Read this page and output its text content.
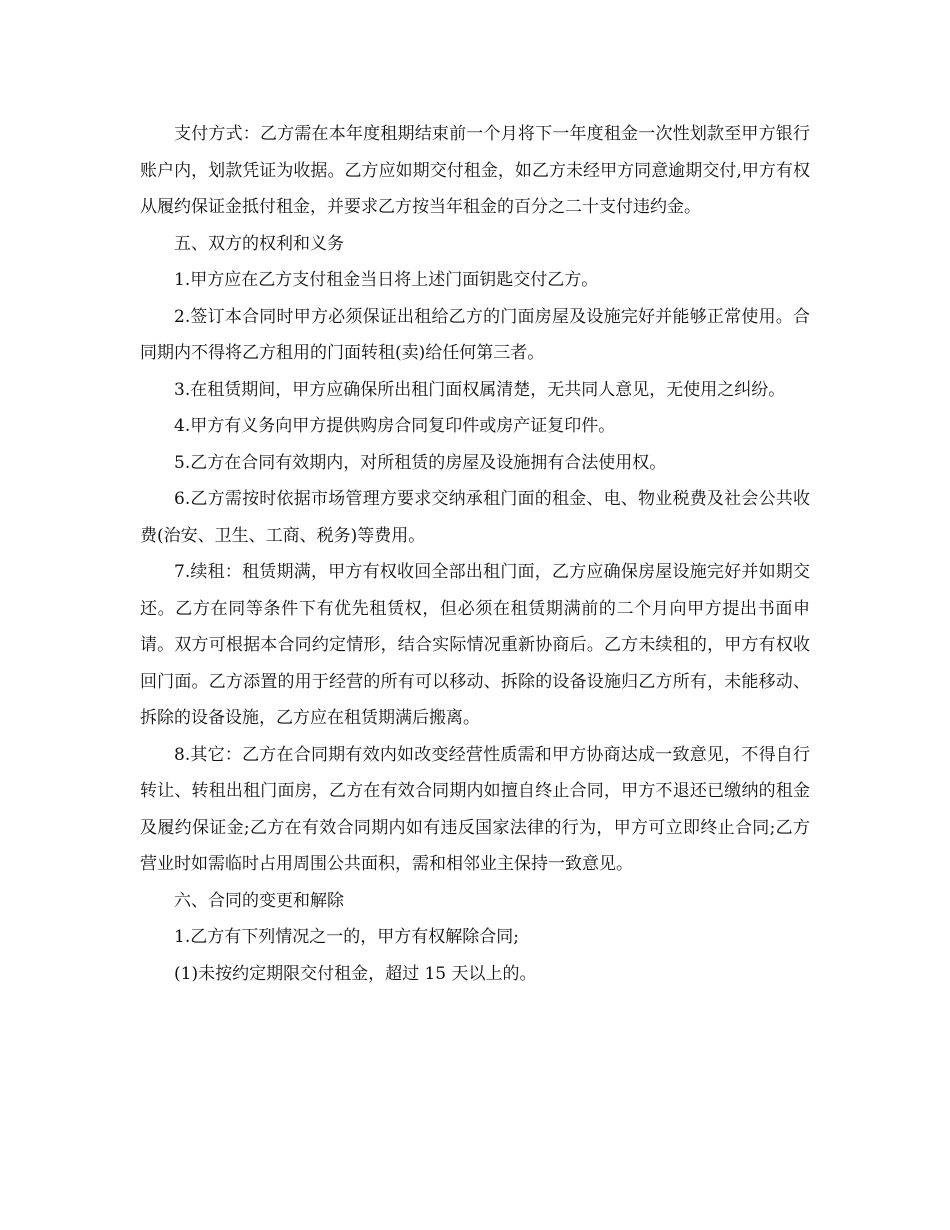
支付方式：乙方需在本年度租期结束前一个月将下一年度租金一次性划款至甲方银行账户内，划款凭证为收据。乙方应如期交付租金，如乙方未经甲方同意逾期交付,甲方有权从履约保证金抵付租金，并要求乙方按当年租金的百分之二十支付违约金。

五、双方的权利和义务

1.甲方应在乙方支付租金当日将上述门面钥匙交付乙方。

2.签订本合同时甲方必须保证出租给乙方的门面房屋及设施完好并能够正常使用。合同期内不得将乙方租用的门面转租(卖)给任何第三者。

3.在租赁期间，甲方应确保所出租门面权属清楚，无共同人意见，无使用之纠纷。

4.甲方有义务向甲方提供购房合同复印件或房产证复印件。

5.乙方在合同有效期内，对所租赁的房屋及设施拥有合法使用权。

6.乙方需按时依据市场管理方要求交纳承租门面的租金、电、物业税费及社会公共收费(治安、卫生、工商、税务)等费用。

7.续租：租赁期满，甲方有权收回全部出租门面，乙方应确保房屋设施完好并如期交还。乙方在同等条件下有优先租赁权，但必须在租赁期满前的二个月向甲方提出书面申请。双方可根据本合同约定情形，结合实际情况重新协商后。乙方未续租的，甲方有权收回门面。乙方添置的用于经营的所有可以移动、拆除的设备设施归乙方所有，未能移动、拆除的设备设施，乙方应在租赁期满后搬离。

8.其它：乙方在合同期有效内如改变经营性质需和甲方协商达成一致意见，不得自行转让、转租出租门面房，乙方在有效合同期内如擅自终止合同，甲方不退还已缴纳的租金及履约保证金;乙方在有效合同期内如有违反国家法律的行为，甲方可立即终止合同;乙方营业时如需临时占用周围公共面积，需和相邻业主保持一致意见。

六、合同的变更和解除

1.乙方有下列情况之一的，甲方有权解除合同;

(1)未按约定期限交付租金，超过 15 天以上的。
